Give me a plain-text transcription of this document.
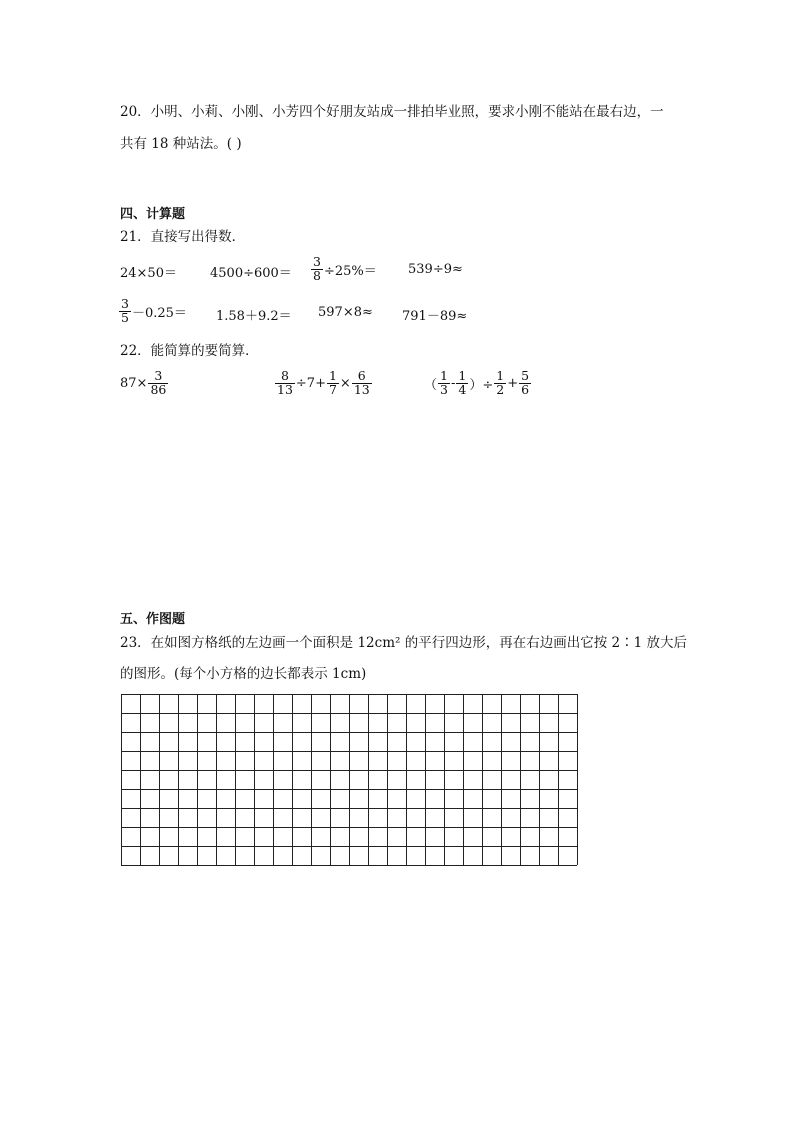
20．小明、小莉、小刚、小芳四个好朋友站成一排拍毕业照，要求小刚不能站在最右边，一
共有 18 种站法。( )
四、计算题
21．直接写出得数．
24×50＝	$4500\div 600= \frac{3}{8} \div 25\%= 539\div 9\approx$
$\frac{3}{5} -0.25= 1.58+9.2= 597\times 8\approx 791-89\approx$
22．能简算的要简算．
$87\times \frac{3}{86}$	$\frac{8}{13} \div 7+ \frac{1}{7} \times \frac{6}{13}$	（ $\frac{1}{3} - \frac{1}{4}$ ）÷ $\frac{1}{2} + \frac{5}{6}$
五、作图题
23．在如图方格纸的左边画一个面积是 12cm² 的平行四边形，再在右边画出它按 2∶1 放大后
的图形。(每个小方格的边长都表示 1cm)
